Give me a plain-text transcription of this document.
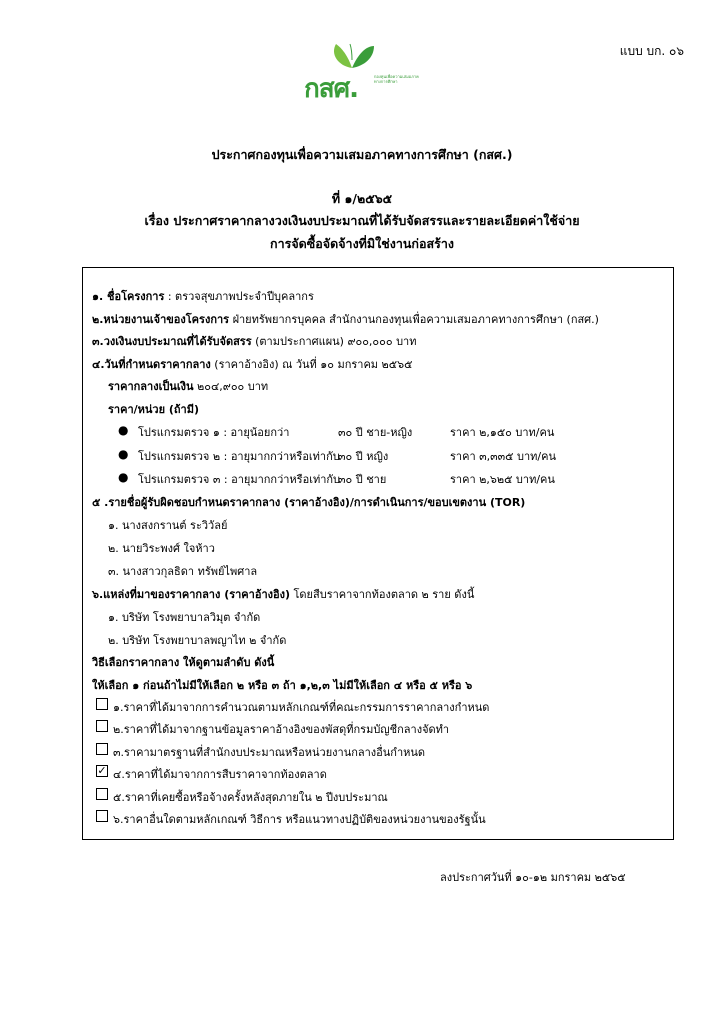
แบบ บก. ๐๖
กสศ.	กองทุนเพื่อความเสมอภาคทางการศึกษา
ประกาศกองทุนเพื่อความเสมอภาคทางการศึกษา (กสศ.)
ที่ ๑/๒๕๖๕
เรื่อง ประกาศราคากลางวงเงินงบประมาณที่ได้รับจัดสรรและรายละเอียดค่าใช้จ่าย
การจัดซื้อจัดจ้างที่มิใช่งานก่อสร้าง
๑. ชื่อโครงการ : ตรวจสุขภาพประจำปีบุคลากร
๒.หน่วยงานเจ้าของโครงการ ฝ่ายทรัพยากรบุคคล สำนักงานกองทุนเพื่อความเสมอภาคทางการศึกษา (กสศ.)
๓.วงเงินงบประมาณที่ได้รับจัดสรร (ตามประกาศแผน) ๙๐๐,๐๐๐ บาท
๔.วันที่กำหนดราคากลาง (ราคาอ้างอิง) ณ วันที่ ๑๐ มกราคม ๒๕๖๕
ราคากลางเป็นเงิน ๒๐๔,๙๐๐ บาท
ราคา/หน่วย (ถ้ามี)
● โปรแกรมตรวจ ๑ : อายุน้อยกว่า	๓๐ ปี ชาย-หญิง	ราคา ๒,๑๕๐ บาท/คน
● โปรแกรมตรวจ ๒ : อายุมากกว่าหรือเท่ากับ
๓๐ ปี หญิง	ราคา ๓,๓๓๕ บาท/คน
● โปรแกรมตรวจ ๓ : อายุมากกว่าหรือเท่ากับ
๓๐ ปี ชาย	ราคา ๒,๖๒๕ บาท/คน
๕ .รายชื่อผู้รับผิดชอบกำหนดราคากลาง (ราคาอ้างอิง)/การดำเนินการ/ขอบเขตงาน (TOR)
๑. นางสงกรานต์ ระวิวัลย์
๒. นายวิระพงศ์ ใจห้าว
๓. นางสาวกุลธิดา ทรัพย์ไพศาล
๖.แหล่งที่มาของราคากลาง (ราคาอ้างอิง) โดยสืบราคาจากท้องตลาด ๒ ราย ดังนี้
๑. บริษัท โรงพยาบาลวิมุต จำกัด
๒. บริษัท โรงพยาบาลพญาไท ๒ จำกัด
วิธีเลือกราคากลาง ให้ดูตามลำดับ ดังนี้
ให้เลือก ๑ ก่อนถ้าไม่มีให้เลือก ๒ หรือ ๓ ถ้า ๑,๒,๓ ไม่มีให้เลือก ๔ หรือ ๕ หรือ ๖
๑.ราคาที่ได้มาจากการคำนวณตามหลักเกณฑ์ที่คณะกรรมการราคากลางกำหนด
๒.ราคาที่ได้มาจากฐานข้อมูลราคาอ้างอิงของพัสดุที่กรมบัญชีกลางจัดทำ
๓.ราคามาตรฐานที่สำนักงบประมาณหรือหน่วยงานกลางอื่นกำหนด
✓ ๔.ราคาที่ได้มาจากการสืบราคาจากท้องตลาด
๕.ราคาที่เคยซื้อหรือจ้างครั้งหลังสุดภายใน ๒ ปีงบประมาณ
๖.ราคาอื่นใดตามหลักเกณฑ์ วิธีการ หรือแนวทางปฏิบัติของหน่วยงานของรัฐนั้น
ลงประกาศวันที่ ๑๐-๑๒ มกราคม ๒๕๖๕
